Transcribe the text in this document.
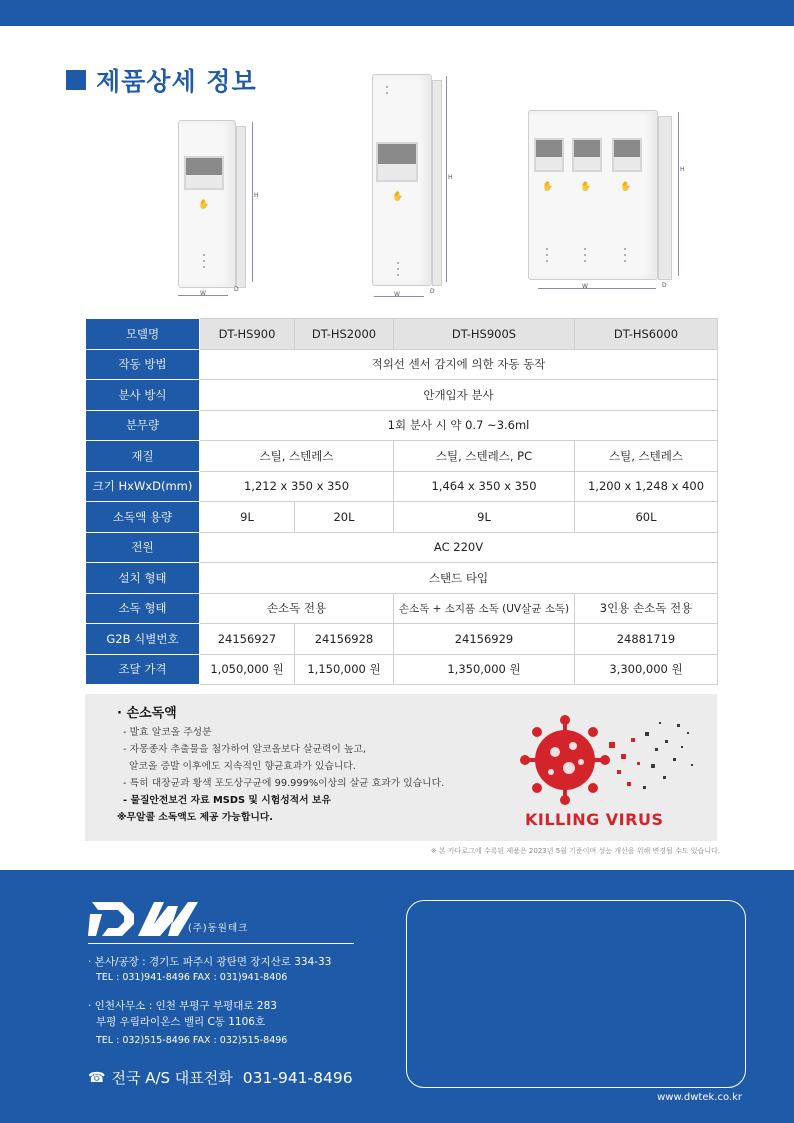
제품상세 정보
✋
H
W
D
✋
H
W	D
✋	✋	✋
H
W	D
모델명	DT-HS900	DT-HS2000	DT-HS900S	DT-HS6000
작동 방법	적외선 센서 감지에 의한 자동 동작			
분사 방식	안개입자 분사			
분무량	1회 분사 시 약 0.7 ~3.6ml			
재질	스틸, 스텐레스		스틸, 스텐레스, PC	스틸, 스텐레스
크기 HxWxD(mm)	1,212 x 350 x 350		1,464 x 350 x 350	1,200 x 1,248 x 400
소독액 용량	9L	20L	9L	60L
전원	AC 220V			
설치 형태	스탠드 타입			
소독 형태	손소독 전용		손소독 + 소지품 소독 (UV살균 소독)	3인용 손소독 전용
G2B 식별번호	24156927	24156928	24156929	24881719
조달 가격	1,050,000 원	1,150,000 원	1,350,000 원	3,300,000 원
· 손소독액
- 발효 알코올 주성분
- 자몽종자 추출물을 첨가하여 알코올보다 살균력이 높고,
알코올 증발 이후에도 지속적인 향균효과가 있습니다.
- 특히 대장균과 황색 포도상구균에 99.999%이상의 살균 효과가 있습니다.
- 물질안전보건 자료 MSDS 및 시험성적서 보유
※무알콜 소독액도 제공 가능합니다.	KILLING VIRUS
※ 본 카다로그에 수록된 제품은 2023년 5월 기준이며 성능 개선을 위해 변경될 수도 있습니다.
(주)동원테크
· 본사/공장 : 경기도 파주시 광탄면 장지산로 334-33
TEL : 031)941-8496 FAX : 031)941-8406
· 인천사무소 : 인천 부평구 부평대로 283
부평 우림라이온스 밸리 C동 1106호
TEL : 032)515-8496 FAX : 032)515-8496
☎ 전국 A/S 대표전화 031-941-8496
www.dwtek.co.kr
